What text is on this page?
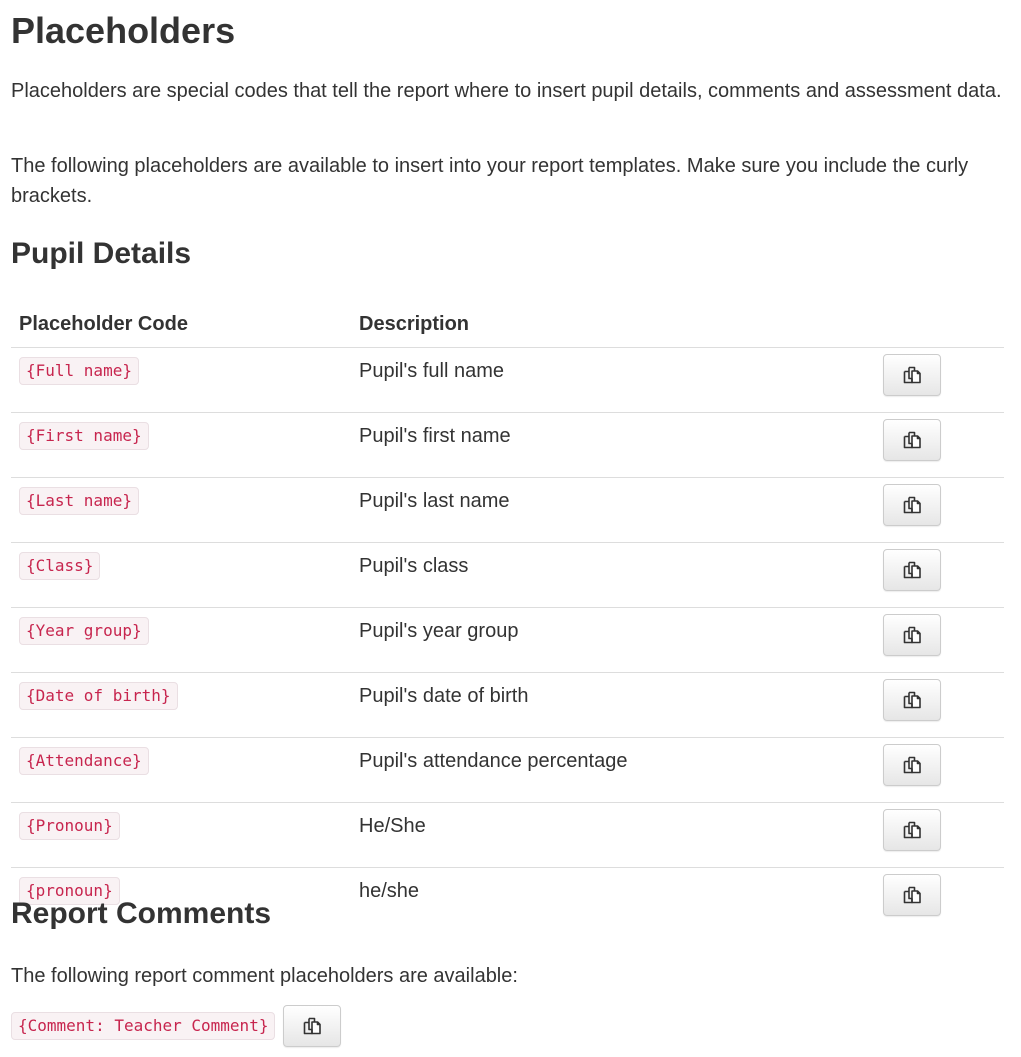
Placeholders

Placeholders are special codes that tell the report where to insert pupil details, comments and assessment data.

The following placeholders are available to insert into your report templates. Make sure you include the curly brackets.

Pupil Details
Placeholder Code	Description	
{Full name}	Pupil's full name	

{First name}	Pupil's first name	

{Last name}	Pupil's last name	

{Class}	Pupil's class	

{Year group}	Pupil's year group	

{Date of birth}	Pupil's date of birth	

{Attendance}	Pupil's attendance percentage	

{Pronoun}	He/She	

{pronoun}	he/she	
Report Comments

The following report comment placeholders are available:

{Comment: Teacher Comment}
